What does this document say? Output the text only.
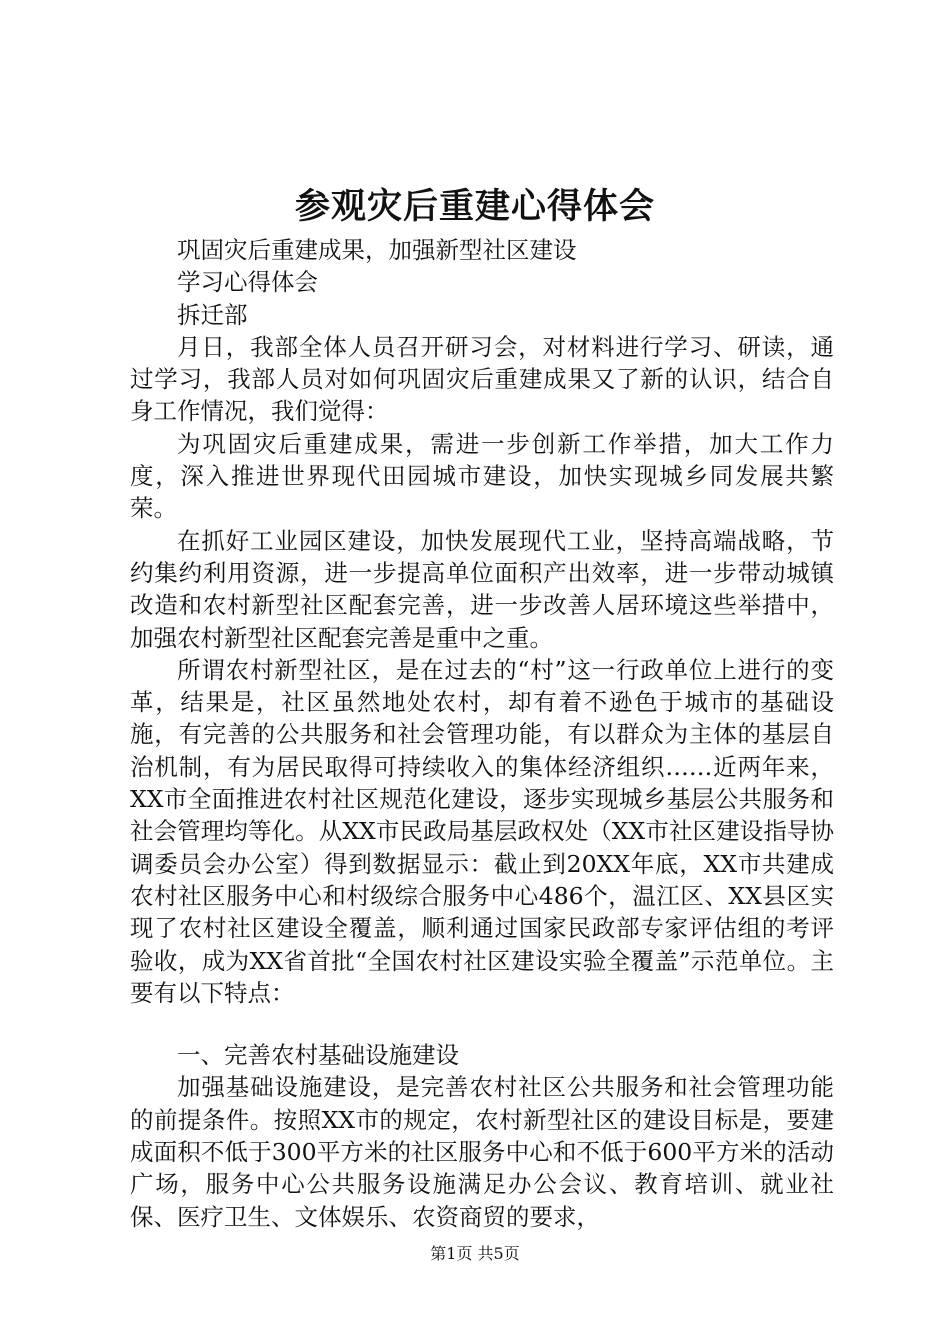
参观灾后重建心得体会

巩固灾后重建成果，加强新型社区建设

学习心得体会

拆迁部

月日，我部全体人员召开研习会，对材料进行学习、研读，通过学习，我部人员对如何巩固灾后重建成果又了新的认识，结合自身工作情况，我们觉得：

为巩固灾后重建成果，需进一步创新工作举措，加大工作力度，深入推进世界现代田园城市建设，加快实现城乡同发展共繁荣。

在抓好工业园区建设，加快发展现代工业，坚持高端战略，节约集约利用资源，进一步提高单位面积产出效率，进一步带动城镇改造和农村新型社区配套完善，进一步改善人居环境这些举措中，加强农村新型社区配套完善是重中之重。

所谓农村新型社区，是在过去的“村”这一行政单位上进行的变革，结果是，社区虽然地处农村，却有着不逊色于城市的基础设施，有完善的公共服务和社会管理功能，有以群众为主体的基层自治机制，有为居民取得可持续收入的集体经济组织……近两年来，XX市全面推进农村社区规范化建设，逐步实现城乡基层公共服务和社会管理均等化。从XX市民政局基层政权处（XX市社区建设指导协调委员会办公室）得到数据显示：截止到20XX年底，XX市共建成农村社区服务中心和村级综合服务中心486个，温江区、XX县区实现了农村社区建设全覆盖，顺利通过国家民政部专家评估组的考评验收，成为XX省首批“全国农村社区建设实验全覆盖”示范单位。主要有以下特点：

一、完善农村基础设施建设

加强基础设施建设，是完善农村社区公共服务和社会管理功能的前提条件。按照XX市的规定，农村新型社区的建设目标是，要建成面积不低于300平方米的社区服务中心和不低于600平方米的活动广场，服务中心公共服务设施满足办公会议、教育培训、就业社保、医疗卫生、文体娱乐、农资商贸的要求，

第1页 共5页
